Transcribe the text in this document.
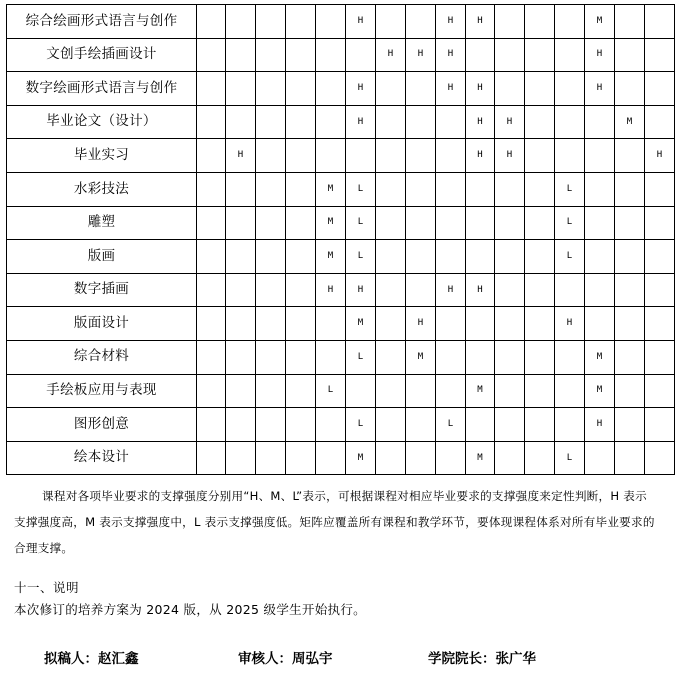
综合绘画形式语言与创作						H			H	H				M		
文创手绘插画设计							H	H	H					H		
数字绘画形式语言与创作						H			H	H				H		
毕业论文（设计）						H				H	H				M	
毕业实习		H								H	H					H
水彩技法					M	L							L			
雕塑					M	L							L			
版画					M	L							L			
数字插画					H	H			H	H						
版面设计						M		H					H			
综合材料						L		M						M		
手绘板应用与表现					L					M				M		
图形创意						L			L					H		
绘本设计						M				M			L			
课程对各项毕业要求的支撑强度分别用“H、M、L”表示，可根据课程对相应毕业要求的支撑强度来定性判断，H 表示支撑强度高，M 表示支撑强度中，L 表示支撑强度低。矩阵应覆盖所有课程和教学环节，要体现课程体系对所有毕业要求的合理支撑。
十一、说明
本次修订的培养方案为 2024 版，从 2025 级学生开始执行。
拟稿人：赵汇鑫	审核人：周弘宇	学院院长：张广华
